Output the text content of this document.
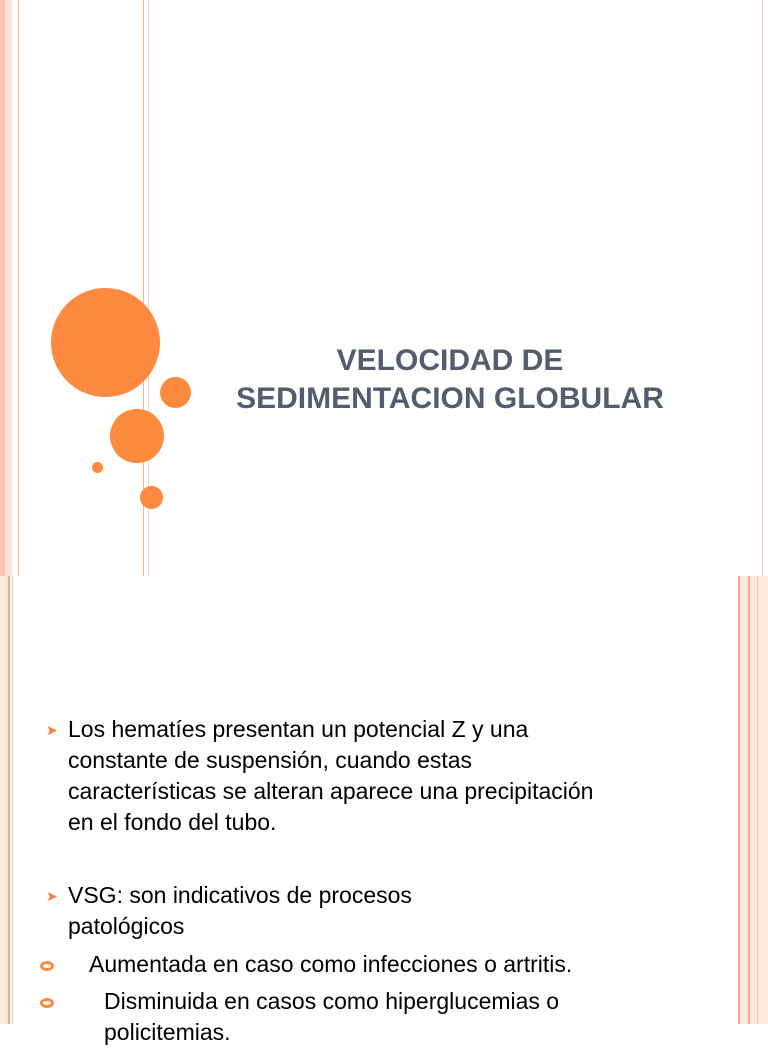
VELOCIDAD DE
SEDIMENTACION GLOBULAR
➤ Los hematíes presentan un potencial Z y una
constante de suspensión, cuando estas
características se alteran aparece una precipitación
en el fondo del tubo.
➤ VSG: son indicativos de procesos
patológicos
Aumentada en caso como infecciones o artritis.
Disminuida en casos como hiperglucemias o
policitemias.
